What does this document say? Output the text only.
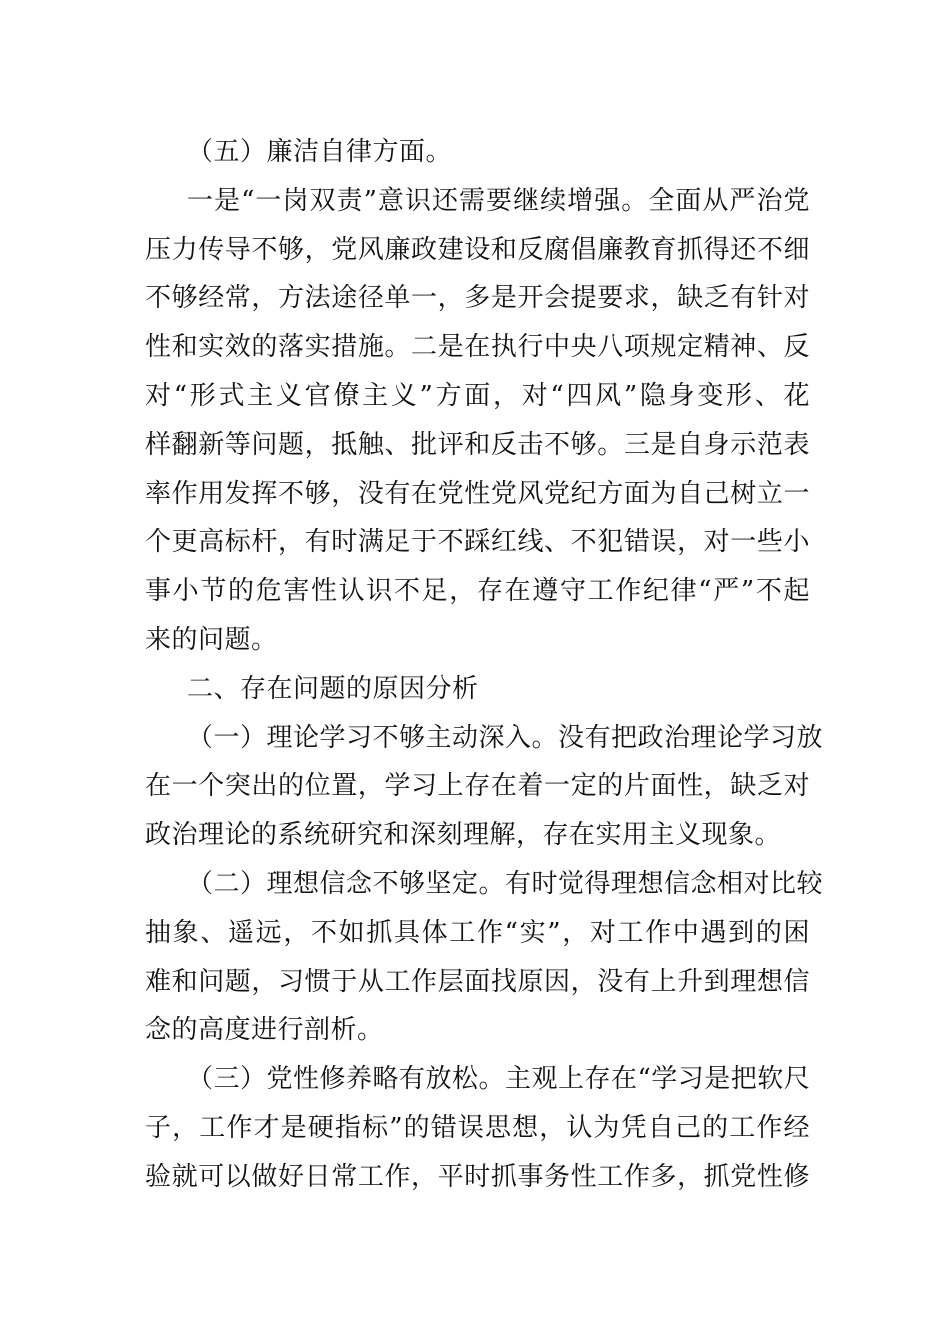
（五）廉洁自律方面。
一是“一岗双责”意识还需要继续增强。全面从严治党
压力传导不够，党风廉政建设和反腐倡廉教育抓得还不细
不够经常，方法途径单一，多是开会提要求，缺乏有针对
性和实效的落实措施。二是在执行中央八项规定精神、反
对“形式主义官僚主义”方面，对“四风”隐身变形、花
样翻新等问题，抵触、批评和反击不够。三是自身示范表
率作用发挥不够，没有在党性党风党纪方面为自己树立一
个更高标杆，有时满足于不踩红线、不犯错误，对一些小
事小节的危害性认识不足，存在遵守工作纪律“严”不起
来的问题。
二、存在问题的原因分析
（一）理论学习不够主动深入。没有把政治理论学习放
在一个突出的位置，学习上存在着一定的片面性，缺乏对
政治理论的系统研究和深刻理解，存在实用主义现象。
（二）理想信念不够坚定。有时觉得理想信念相对比较
抽象、遥远，不如抓具体工作“实”，对工作中遇到的困
难和问题，习惯于从工作层面找原因，没有上升到理想信
念的高度进行剖析。
（三）党性修养略有放松。主观上存在“学习是把软尺
子，工作才是硬指标”的错误思想，认为凭自己的工作经
验就可以做好日常工作，平时抓事务性工作多，抓党性修
